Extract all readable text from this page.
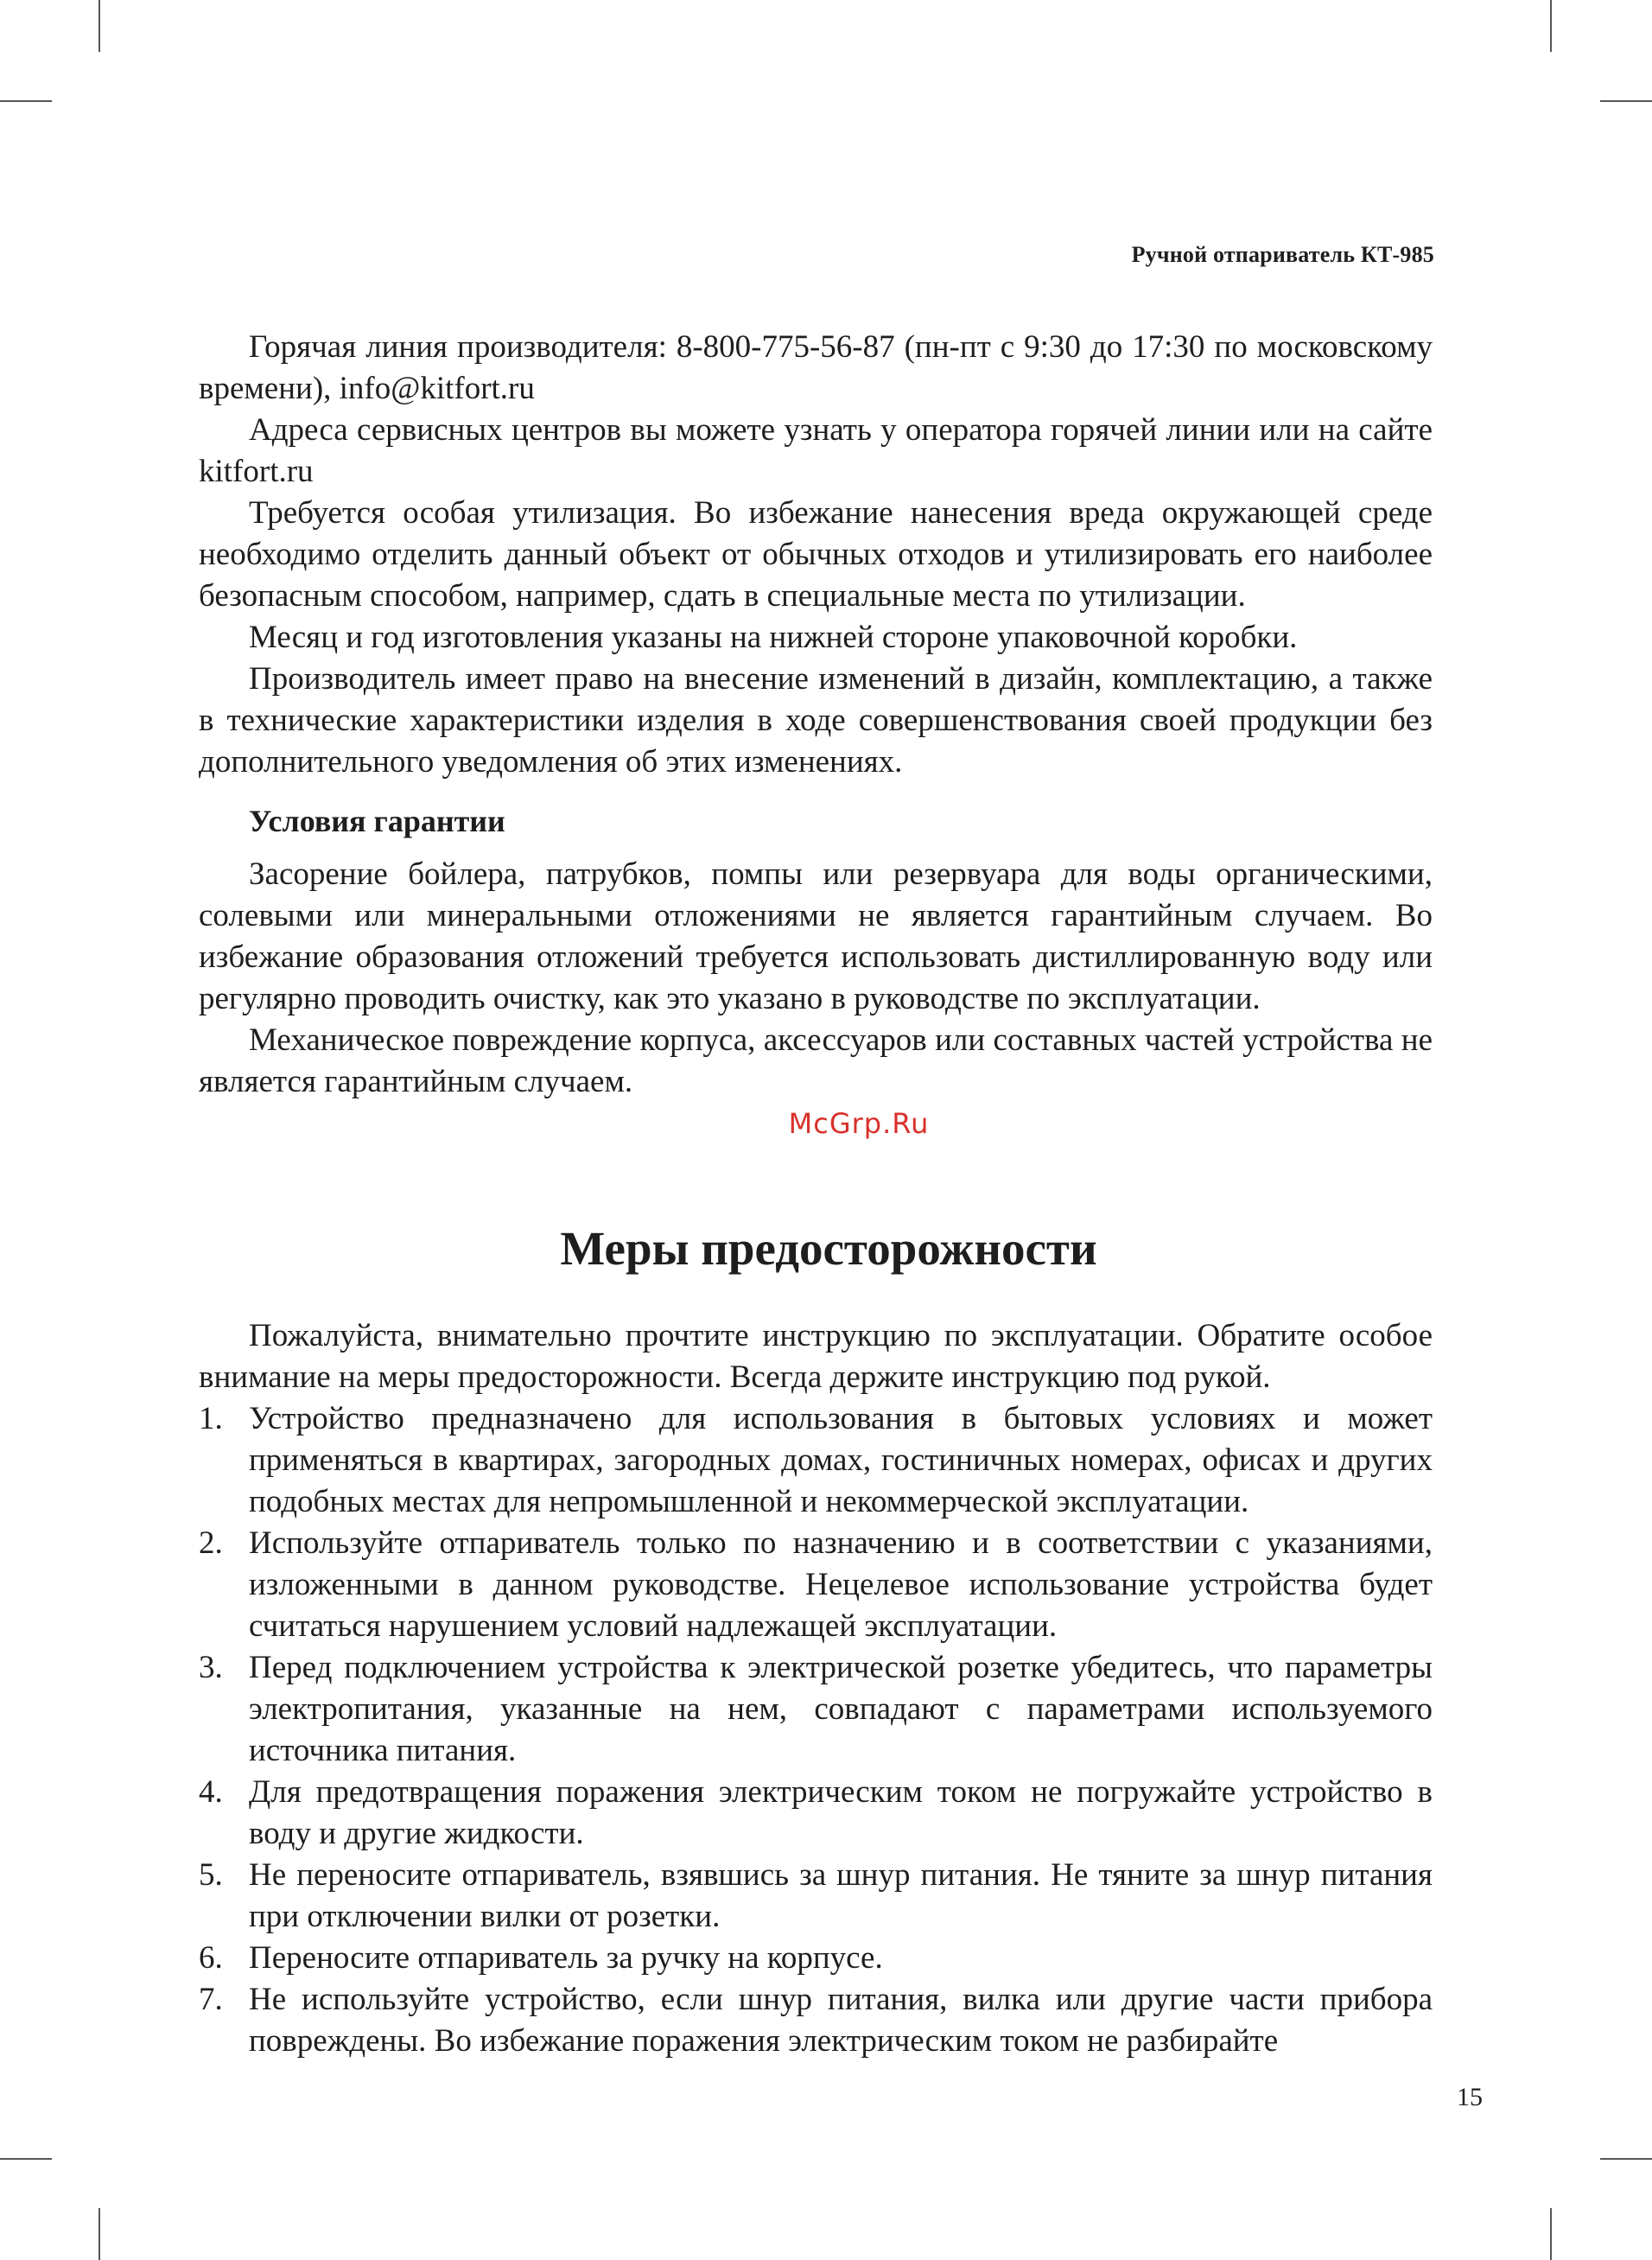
Ручной отпариватель КТ-985

Горячая линия производителя: 8-800-775-56-87 (пн-пт с 9:30 до 17:30 по московскому времени), info@kitfort.ru

Адреса сервисных центров вы можете узнать у оператора горячей линии или на сайте kitfort.ru

Требуется особая утилизация. Во избежание нанесения вреда окружающей среде необходимо отделить данный объект от обычных отходов и утилизировать его наиболее безопасным способом, например, сдать в специальные места по утилизации.

Месяц и год изготовления указаны на нижней стороне упаковочной коробки.

Производитель имеет право на внесение изменений в дизайн, комплектацию, а также в технические характеристики изделия в ходе совершенствования своей продукции без дополнительного уведомления об этих изменениях.

Условия гарантии

Засорение бойлера, патрубков, помпы или резервуара для воды органическими, солевыми или минеральными отложениями не является гарантийным случаем. Во избежание образования отложений требуется использовать дистиллированную воду или регулярно проводить очистку, как это указано в руководстве по эксплуатации.

Механическое повреждение корпуса, аксессуаров или составных частей устройства не является гарантийным случаем.

McGrp.Ru
Меры предосторожности

Пожалуйста, внимательно прочтите инструкцию по эксплуатации. Обратите особое внимание на меры предосторожности. Всегда держите инструкцию под рукой.

1. Устройство предназначено для использования в бытовых условиях и может применяться в квартирах, загородных домах, гостиничных номерах, офисах и других подобных местах для непромышленной и некоммерческой эксплуатации.
2. Используйте отпариватель только по назначению и в соответствии с указаниями, изложенными в данном руководстве. Нецелевое использование устройства будет считаться нарушением условий надлежащей эксплуатации.
3. Перед подключением устройства к электрической розетке убедитесь, что параметры электропитания, указанные на нем, совпадают с параметрами используемого источника питания.
4. Для предотвращения поражения электрическим током не погружайте устройство в воду и другие жидкости.
5. Не переносите отпариватель, взявшись за шнур питания. Не тяните за шнур питания при отключении вилки от розетки.
6. Переносите отпариватель за ручку на корпусе.
7. Не используйте устройство, если шнур питания, вилка или другие части прибора повреждены. Во избежание поражения электрическим током не разбирайте
15
